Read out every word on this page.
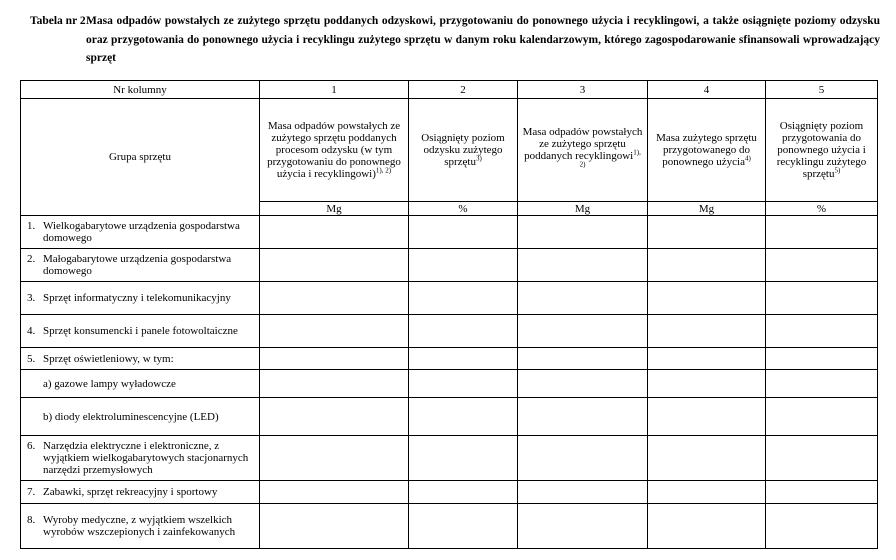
Tabela nr 2 Masa odpadów powstałych ze zużytego sprzętu poddanych odzyskowi, przygotowaniu do ponownego użycia i recyklingowi, a także osiągnięte poziomy odzysku oraz przygotowania do ponownego użycia i recyklingu zużytego sprzętu w danym roku kalendarzowym, którego zagospodarowanie sfinansowali wprowadzający sprzęt
Nr kolumny	1	2	3	4	5
Grupa sprzętu	Masa odpadów powstałych ze zużytego sprzętu poddanych procesom odzysku (w tym przygotowaniu do ponownego użycia i recyklingowi)$^{1), 2)}$	Osiągnięty poziom odzysku zużytego sprzętu$^{3)}$	Masa odpadów powstałych ze zużytego sprzętu poddanych recyklingowi$^{1), 2)}$	Masa zużytego sprzętu przygotowanego do ponownego użycia$^{4)}$	Osiągnięty poziom przygotowania do ponownego użycia i recyklingu zużytego sprzętu$^{5)}$
	Mg	%	Mg	Mg	%

1. Wielkogabarytowe urządzenia gospodarstwa domowego					

2. Małogabarytowe urządzenia gospodarstwa domowego					

3. Sprzęt informatyczny i telekomunikacyjny					

4. Sprzęt konsumencki i panele fotowoltaiczne					

5. Sprzęt oświetleniowy, w tym:					

a) gazowe lampy wyładowcze					

b) diody elektroluminescencyjne (LED)					

6. Narzędzia elektryczne i elektroniczne, z wyjątkiem wielkogabarytowych stacjonarnych narzędzi przemysłowych					

7. Zabawki, sprzęt rekreacyjny i sportowy					

8. Wyroby medyczne, z wyjątkiem wszelkich wyrobów wszczepionych i zainfekowanych					
